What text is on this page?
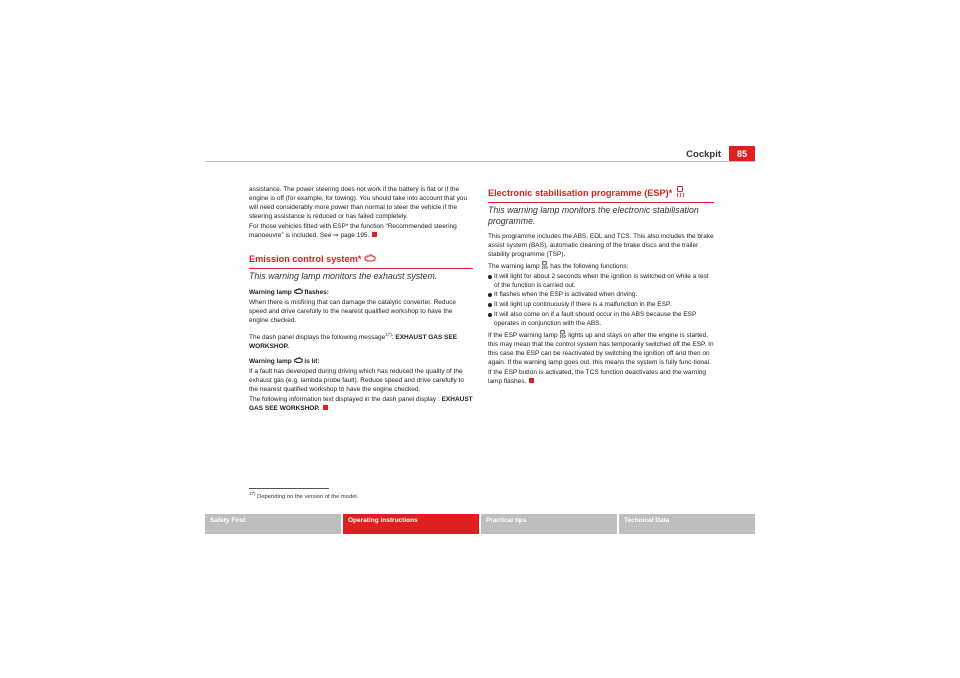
Cockpit	85

assistance. The power steering does not work if the battery is flat or if the engine is off (for example, for towing). You should take into account that you will need considerably more power than normal to steer the vehicle if the steering assistance is reduced or has failed completely.

For those vehicles fitted with ESP* the function “Recommended steering manoeuvre” is included. See ⇒ page 195.

Emission control system*
This warning lamp monitors the exhaust system.

Warning lamp flashes:

When there is misfiring that can damage the catalytic converter. Reduce speed and drive carefully to the nearest qualified workshop to have the engine checked.

The dash panel displays the following message$^{17)}$: EXHAUST GAS SEE WORKSHOP.

Warning lamp is lit:

If a fault has developed during driving which has reduced the quality of the exhaust gas (e.g. lambda probe fault). Reduce speed and drive carefully to the nearest qualified workshop to have the engine checked.

The following information text displayed in the dash panel display : EXHAUST GAS SEE WORKSHOP.

Electronic stabilisation programme (ESP)*
This warning lamp monitors the electronic stabilisation programme.

This programme includes the ABS, EDL and TCS. This also includes the brake assist system (BAS), automatic cleaning of the brake discs and the trailer stability programme (TSP).

The warning lamp has the following functions:

It will light for about 2 seconds when the ignition is switched on while a test of the function is carried out.
It flashes when the ESP is activated when driving.
It will light up continuously if there is a malfunction in the ESP.
It will also come on if a fault should occur in the ABS because the ESP operates in conjunction with the ABS.

If the ESP warning lamp lights up and stays on after the engine is started, this may mean that the control system has temporarily switched off the ESP. In this case the ESP can be reactivated by switching the ignition off and then on again. If the warning lamp goes out, this means the system is fully func-tional.

If the ESP button is activated, the TCS function deactivates and the warning lamp flashes.

$^{17)}$ Depending on the version of the model.
Safety First	Operating instructions	Practical tips	Technical Data
